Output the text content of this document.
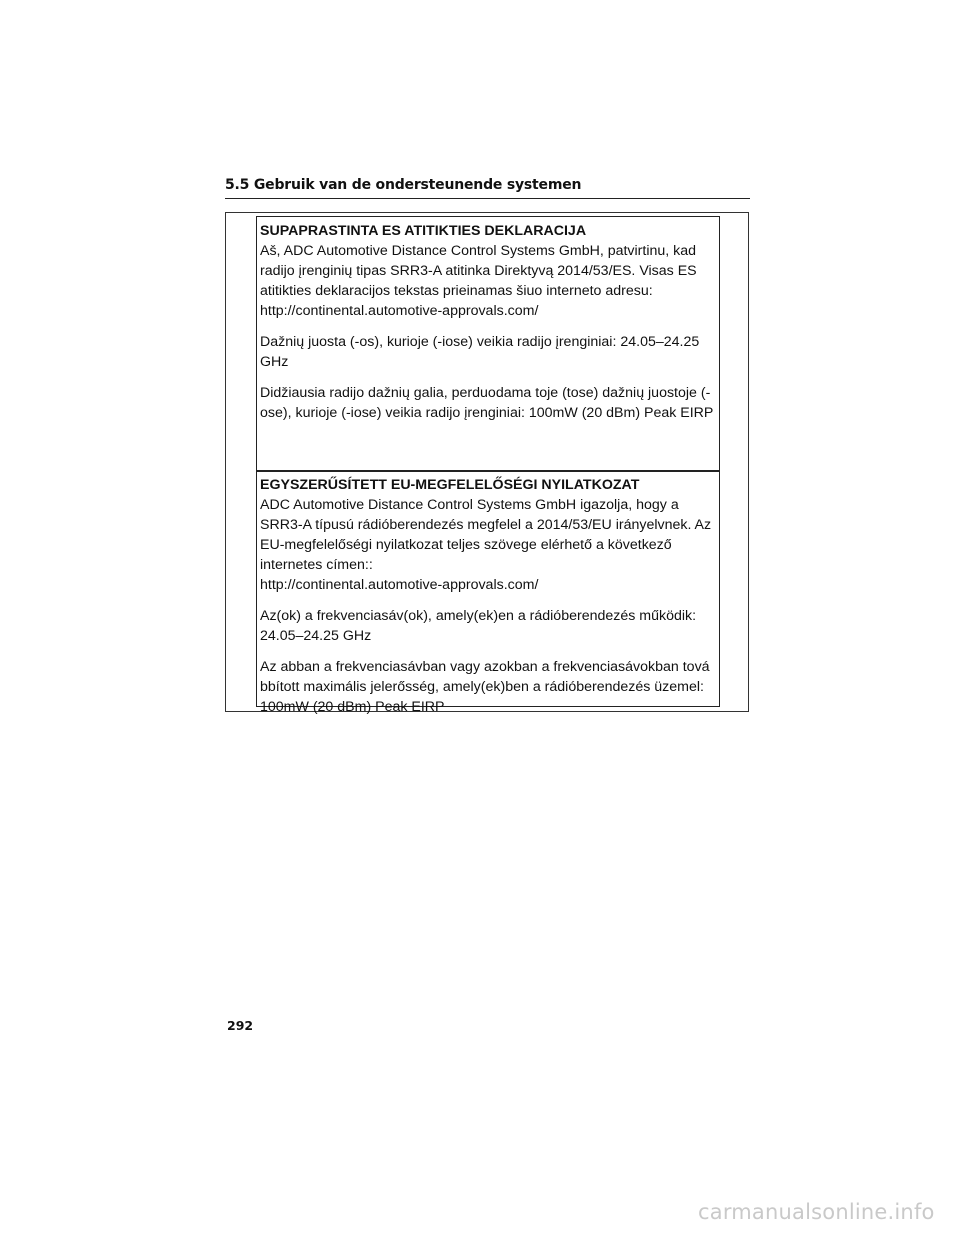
5.5 Gebruik van de ondersteunende systemen

SUPAPRASTINTA ES ATITIKTIES DEKLARACIJA

Aš, ADC Automotive Distance Control Systems GmbH, patvirtinu, kad

radijo įrenginių tipas SRR3-A atitinka Direktyvą 2014/53/ES. Visas ES

atitikties deklaracijos tekstas prieinamas šiuo interneto adresu:

http://continental.automotive-approvals.com/

Dažnių juosta (-os), kurioje (-iose) veikia radijo įrenginiai: 24.05–24.25

GHz

Didžiausia radijo dažnių galia, perduodama toje (tose) dažnių juostoje (-

ose), kurioje (-iose) veikia radijo įrenginiai: 100mW (20 dBm) Peak EIRP

EGYSZERŰSÍTETT EU-MEGFELELŐSÉGI NYILATKOZAT

ADC Automotive Distance Control Systems GmbH igazolja, hogy a

SRR3-A típusú rádióberendezés megfelel a 2014/53/EU irányelvnek. Az

EU-megfelelőségi nyilatkozat teljes szövege elérhető a következő

internetes címen::

http://continental.automotive-approvals.com/

Az(ok) a frekvenciasáv(ok), amely(ek)en a rádióberendezés működik:

24.05–24.25 GHz

Az abban a frekvenciasávban vagy azokban a frekvenciasávokban tová

bbított maximális jelerősség, amely(ek)ben a rádióberendezés üzemel:

100mW (20 dBm) Peak EIRP

292
carmanualsonline.info
